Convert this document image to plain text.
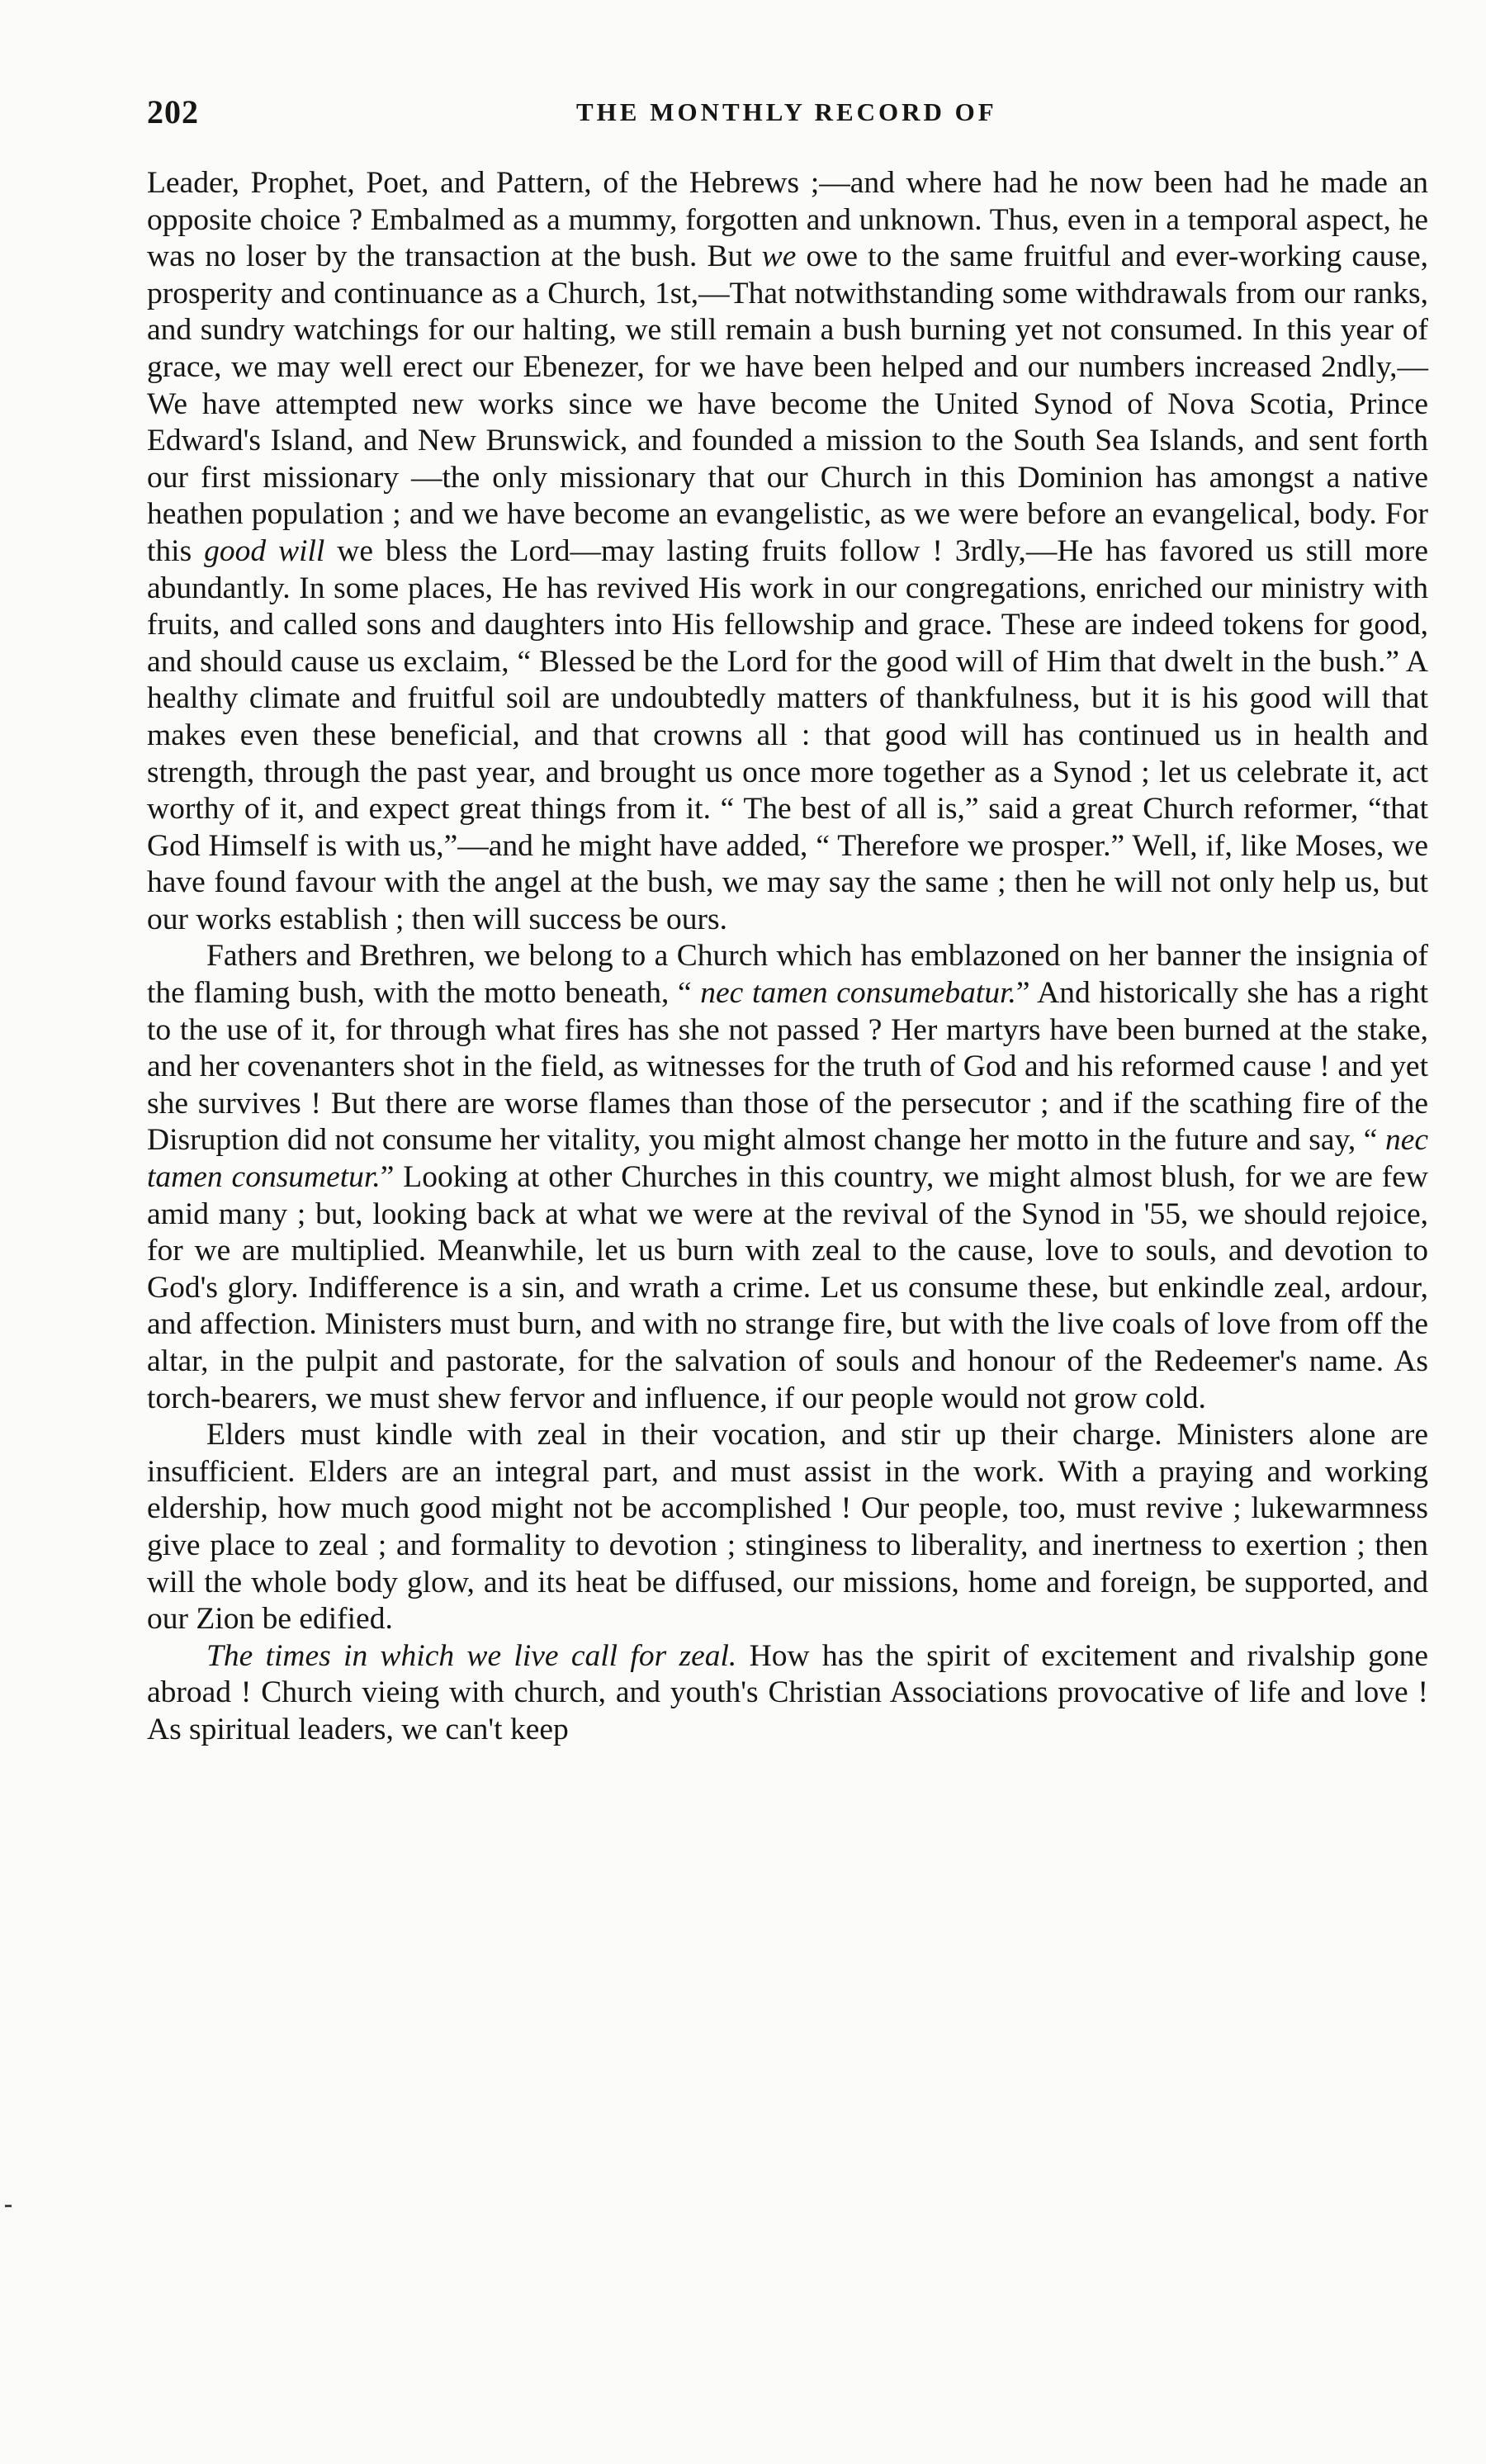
202	THE MONTHLY RECORD OF

Leader, Prophet, Poet, and Pattern, of the Hebrews ;—and where had he now been had he made an opposite choice ? Embalmed as a mummy, forgotten and unknown. Thus, even in a temporal aspect, he was no loser by the transaction at the bush. But we owe to the same fruitful and ever-working cause, prosperity and continuance as a Church, 1st,—That notwithstanding some withdrawals from our ranks, and sundry watchings for our halting, we still remain a bush burning yet not consumed. In this year of grace, we may well erect our Ebenezer, for we have been helped and our numbers increased 2ndly,—We have attempted new works since we have become the United Synod of Nova Scotia, Prince Edward's Island, and New Brunswick, and founded a mission to the South Sea Islands, and sent forth our first missionary —the only missionary that our Church in this Dominion has amongst a native heathen population ; and we have become an evangelistic, as we were before an evangelical, body. For this good will we bless the Lord—may lasting fruits follow ! 3rdly,—He has favored us still more abundantly. In some places, He has revived His work in our congregations, enriched our ministry with fruits, and called sons and daughters into His fellowship and grace. These are indeed tokens for good, and should cause us exclaim, “ Blessed be the Lord for the good will of Him that dwelt in the bush.” A healthy climate and fruitful soil are undoubtedly matters of thankfulness, but it is his good will that makes even these beneficial, and that crowns all : that good will has continued us in health and strength, through the past year, and brought us once more together as a Synod ; let us celebrate it, act worthy of it, and expect great things from it. “ The best of all is,” said a great Church reformer, “that God Himself is with us,”—and he might have added, “ Therefore we prosper.” Well, if, like Moses, we have found favour with the angel at the bush, we may say the same ; then he will not only help us, but our works establish ; then will success be ours.

Fathers and Brethren, we belong to a Church which has emblazoned on her banner the insignia of the flaming bush, with the motto beneath, “ nec tamen consumebatur.” And historically she has a right to the use of it, for through what fires has she not passed ? Her martyrs have been burned at the stake, and her covenanters shot in the field, as witnesses for the truth of God and his reformed cause ! and yet she survives ! But there are worse flames than those of the persecutor ; and if the scathing fire of the Disruption did not consume her vitality, you might almost change her motto in the future and say, “ nec tamen consumetur.” Looking at other Churches in this country, we might almost blush, for we are few amid many ; but, looking back at what we were at the revival of the Synod in '55, we should rejoice, for we are multiplied. Meanwhile, let us burn with zeal to the cause, love to souls, and devotion to God's glory. Indifference is a sin, and wrath a crime. Let us consume these, but enkindle zeal, ardour, and affection. Ministers must burn, and with no strange fire, but with the live coals of love from off the altar, in the pulpit and pastorate, for the salvation of souls and honour of the Redeemer's name. As torch-bearers, we must shew fervor and influence, if our people would not grow cold.

Elders must kindle with zeal in their vocation, and stir up their charge. Ministers alone are insufficient. Elders are an integral part, and must assist in the work. With a praying and working eldership, how much good might not be accomplished ! Our people, too, must revive ; lukewarmness give place to zeal ; and formality to devotion ; stinginess to liberality, and inertness to exertion ; then will the whole body glow, and its heat be diffused, our missions, home and foreign, be supported, and our Zion be edified.

The times in which we live call for zeal. How has the spirit of excitement and rivalship gone abroad ! Church vieing with church, and youth's Christian Associations provocative of life and love ! As spiritual leaders, we can't keep
